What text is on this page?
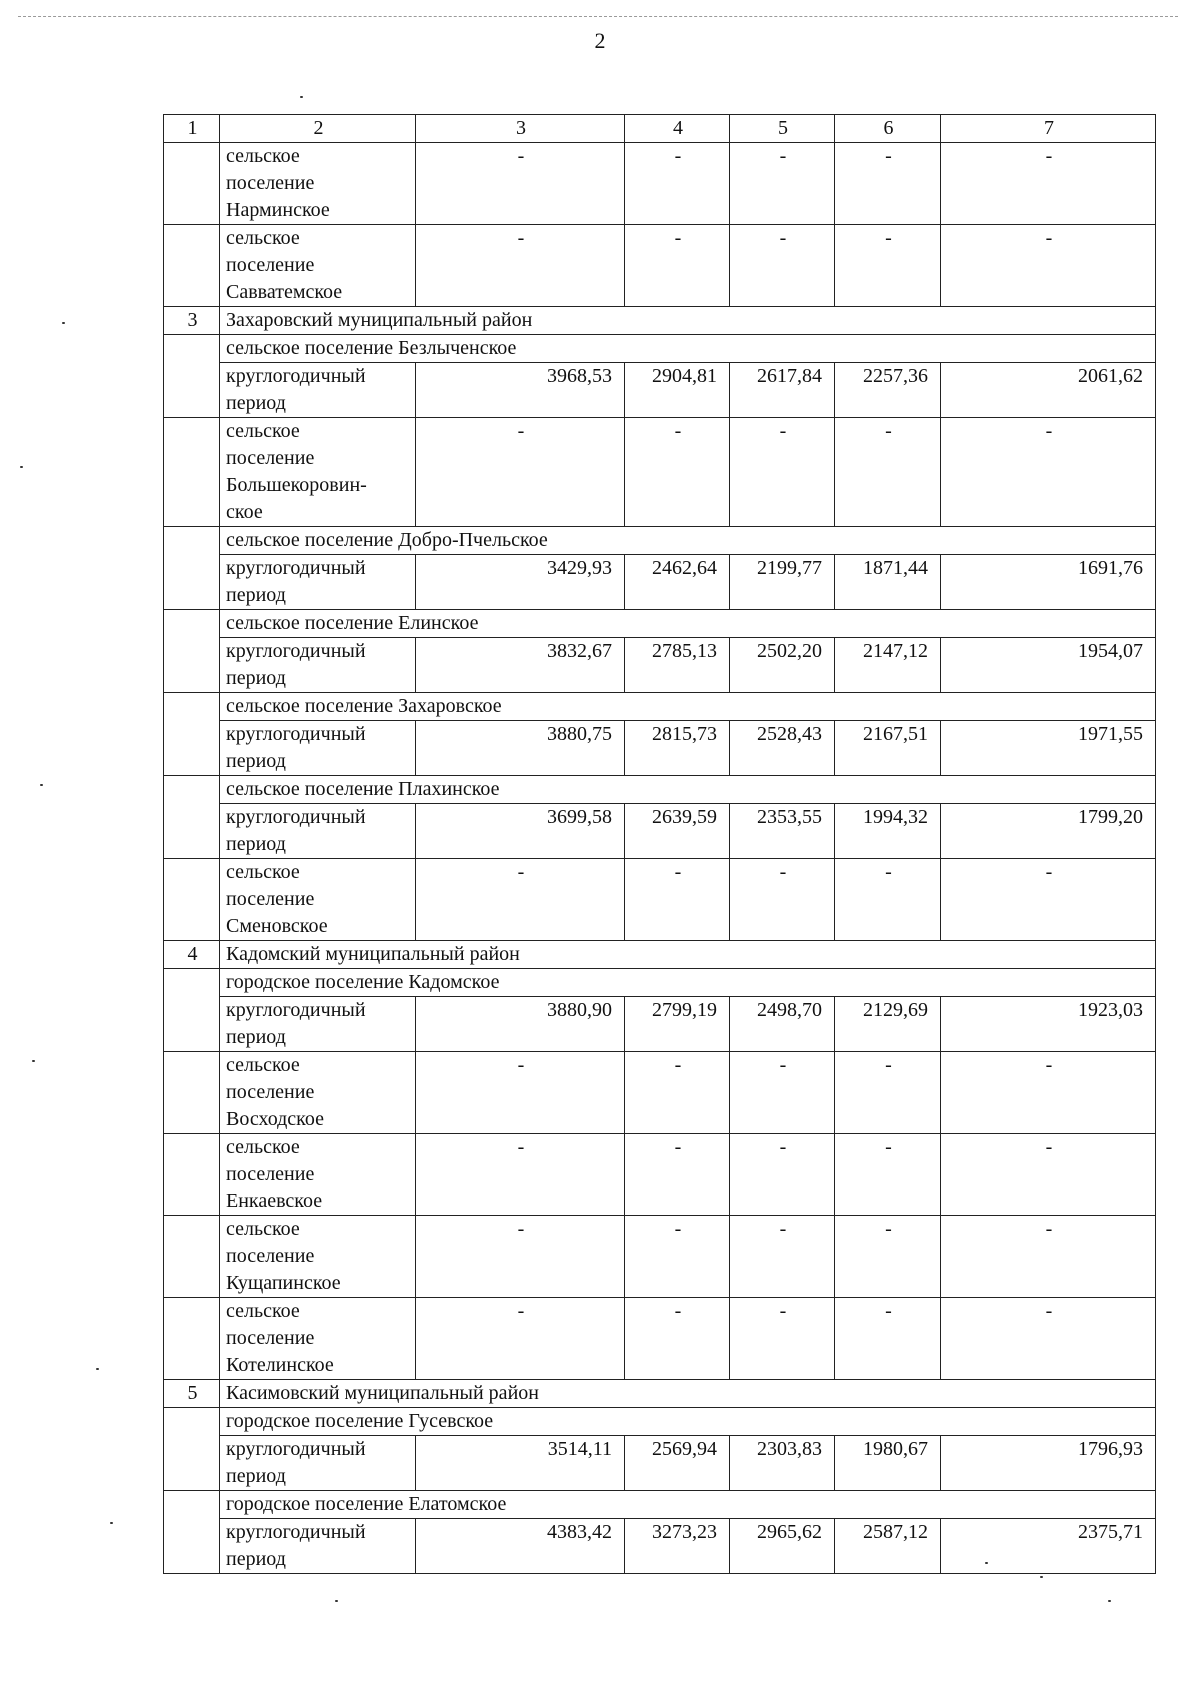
2
1	2	3	4	5	6	7

	сельское
поселение
Нарминское	-	-	-	-	-

	сельское
поселение
Савватемское	-	-	-	-	-
3	Захаровский муниципальный район					
	сельское поселение Безлыченское					

	круглогодичный
период	3968,53	2904,81	2617,84	2257,36	2061,62

	сельское
поселение
Большекоровин-
ское	-	-	-	-	-
	сельское поселение Добро-Пчельское					

	круглогодичный
период	3429,93	2462,64	2199,77	1871,44	1691,76
	сельское поселение Елинское					

	круглогодичный
период	3832,67	2785,13	2502,20	2147,12	1954,07
	сельское поселение Захаровское					

	круглогодичный
период	3880,75	2815,73	2528,43	2167,51	1971,55
	сельское поселение Плахинское					

	круглогодичный
период	3699,58	2639,59	2353,55	1994,32	1799,20

	сельское
поселение
Сменовское	-	-	-	-	-
4	Кадомский муниципальный район					
	городское поселение Кадомское					

	круглогодичный
период	3880,90	2799,19	2498,70	2129,69	1923,03

	сельское
поселение
Восходское	-	-	-	-	-

	сельское
поселение
Енкаевское	-	-	-	-	-

	сельское
поселение
Кущапинское	-	-	-	-	-

	сельское
поселение
Котелинское	-	-	-	-	-
5	Касимовский муниципальный район					
	городское поселение Гусевское					

	круглогодичный
период	3514,11	2569,94	2303,83	1980,67	1796,93
	городское поселение Елатомское					

	круглогодичный
период	4383,42	3273,23	2965,62	2587,12	2375,71
